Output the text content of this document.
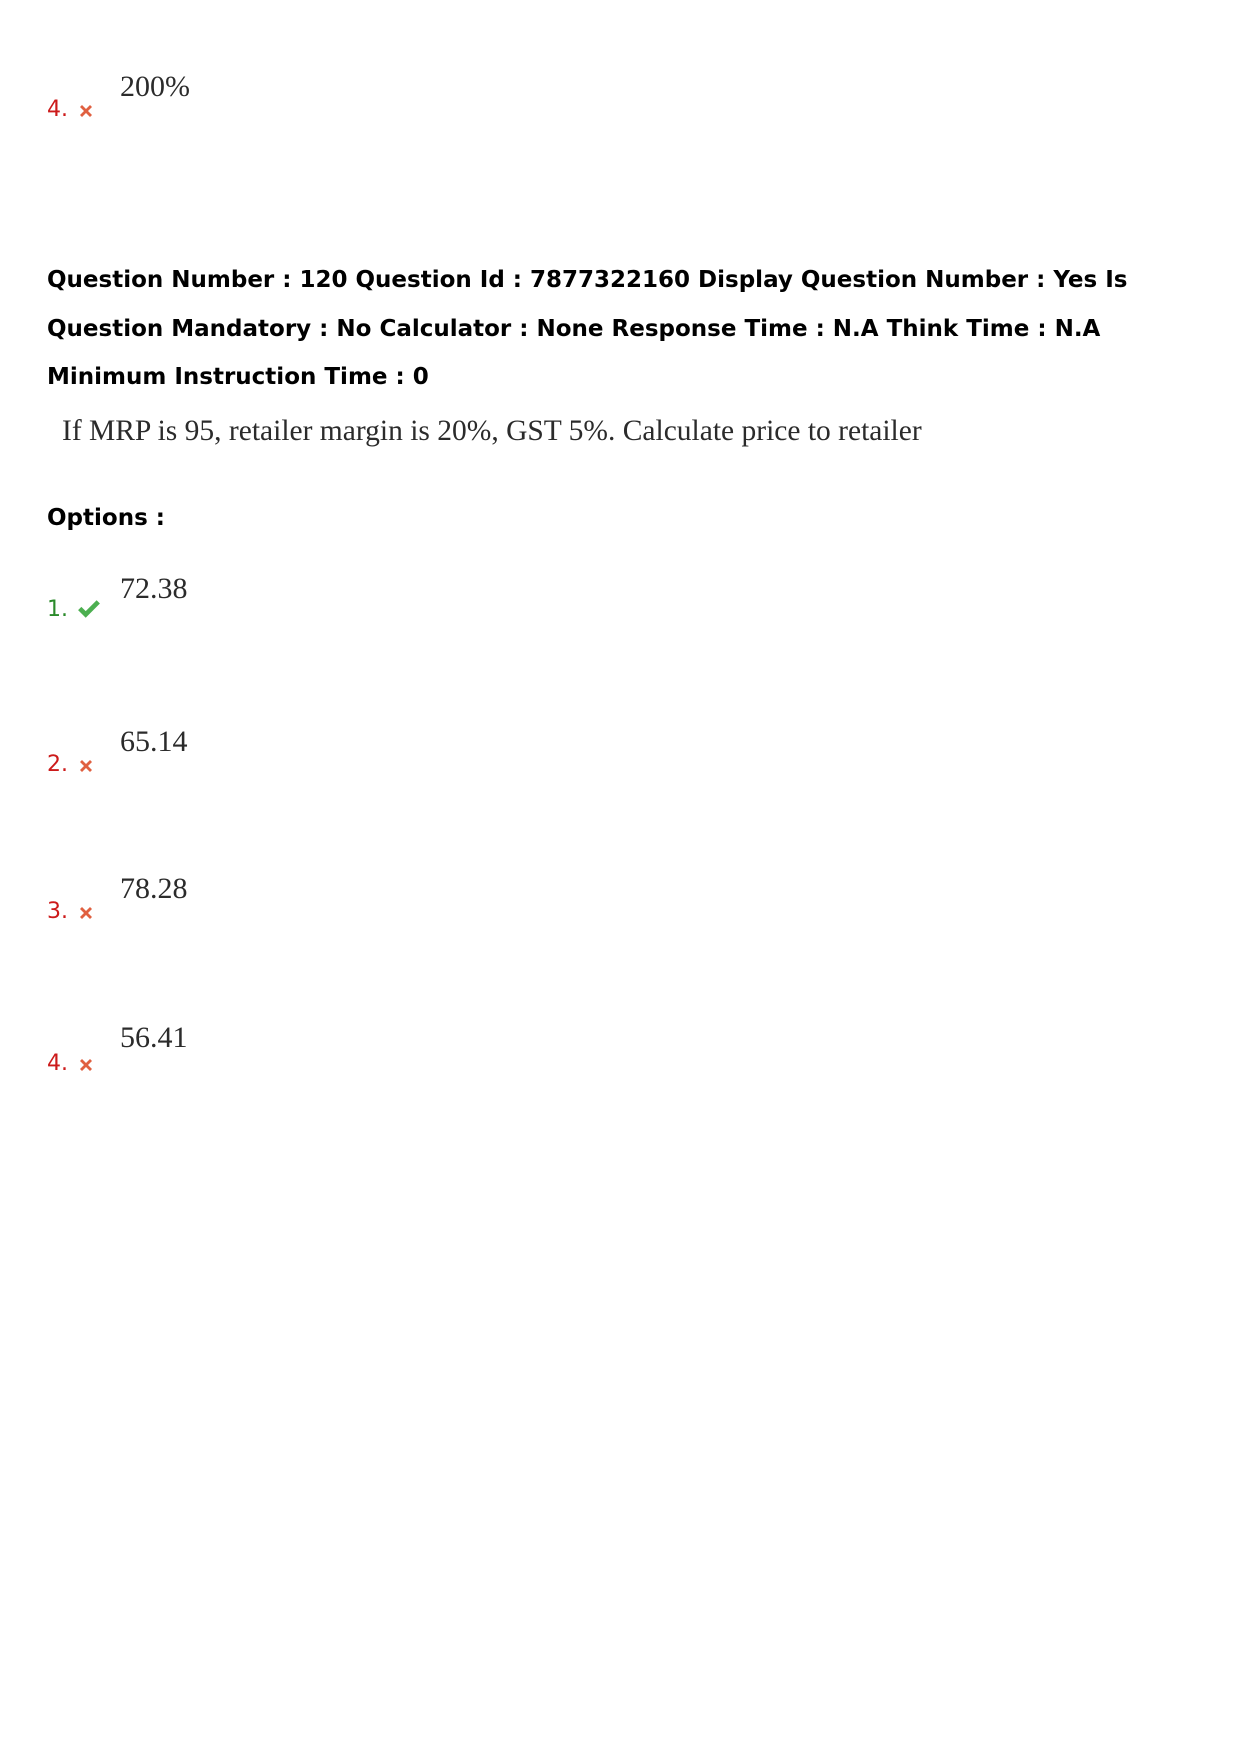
4.
200%
Question Number : 120 Question Id : 7877322160 Display Question Number : Yes Is Question Mandatory : No Calculator : None Response Time : N.A Think Time : N.A Minimum Instruction Time : 0
If MRP is 95, retailer margin is 20%, GST 5%. Calculate price to retailer
Options :
1.
72.38
2.
65.14
3.
78.28
4.
56.41
